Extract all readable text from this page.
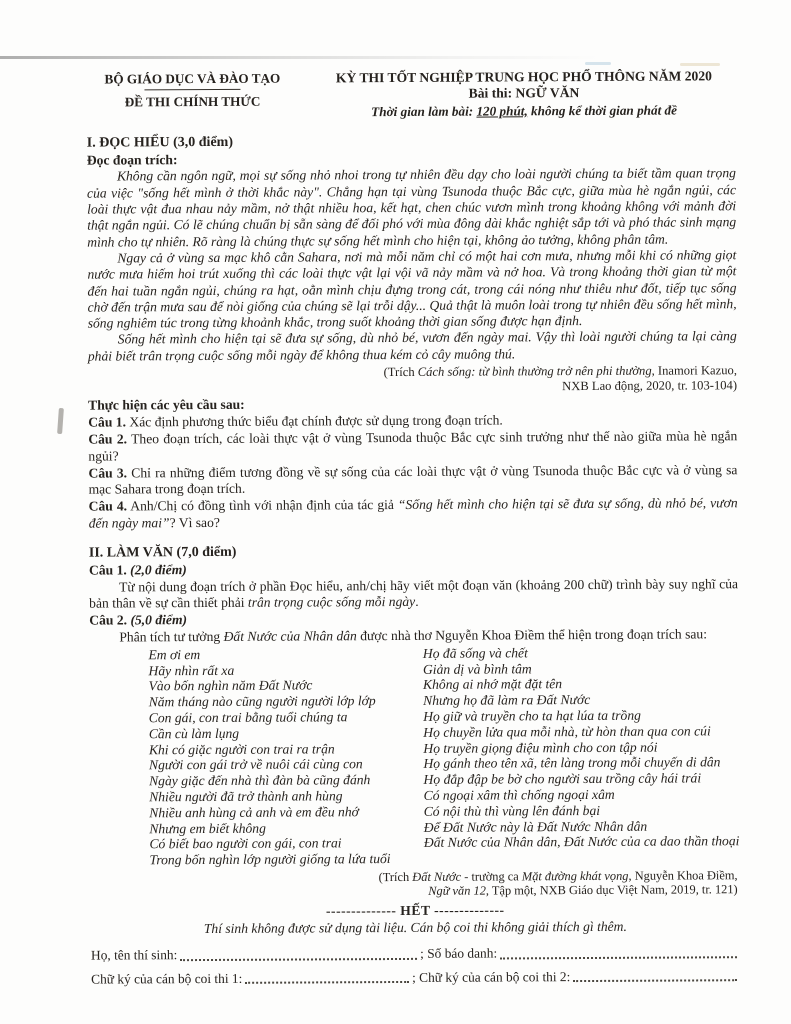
BỘ GIÁO DỤC VÀ ĐÀO TẠO
ĐỀ THI CHÍNH THỨC
KỲ THI TỐT NGHIỆP TRUNG HỌC PHỔ THÔNG NĂM 2020
Bài thi: NGỮ VĂN
Thời gian làm bài: 120 phút, không kể thời gian phát đề
I. ĐỌC HIỂU (3,0 điểm)
Đọc đoạn trích:

Không cần ngôn ngữ, mọi sự sống nhỏ nhoi trong tự nhiên đều dạy cho loài người chúng ta biết tầm quan trọng của việc "sống hết mình ở thời khắc này". Chẳng hạn tại vùng Tsunoda thuộc Bắc cực, giữa mùa hè ngắn ngủi, các loài thực vật đua nhau nảy mầm, nở thật nhiều hoa, kết hạt, chen chúc vươn mình trong khoảng không với mảnh đời thật ngắn ngủi. Có lẽ chúng chuẩn bị sẵn sàng để đối phó với mùa đông dài khắc nghiệt sắp tới và phó thác sinh mạng mình cho tự nhiên. Rõ ràng là chúng thực sự sống hết mình cho hiện tại, không ảo tưởng, không phân tâm.

Ngay cả ở vùng sa mạc khô cằn Sahara, nơi mà mỗi năm chỉ có một hai cơn mưa, nhưng mỗi khi có những giọt nước mưa hiếm hoi trút xuống thì các loài thực vật lại vội vã nảy mầm và nở hoa. Và trong khoảng thời gian từ một đến hai tuần ngắn ngủi, chúng ra hạt, oằn mình chịu đựng trong cát, trong cái nóng như thiêu như đốt, tiếp tục sống chờ đến trận mưa sau để nòi giống của chúng sẽ lại trỗi dậy... Quả thật là muôn loài trong tự nhiên đều sống hết mình, sống nghiêm túc trong từng khoảnh khắc, trong suốt khoảng thời gian sống được hạn định.

Sống hết mình cho hiện tại sẽ đưa sự sống, dù nhỏ bé, vươn đến ngày mai. Vậy thì loài người chúng ta lại càng phải biết trân trọng cuộc sống mỗi ngày để không thua kém cỏ cây muông thú.

(Trích Cách sống: từ bình thường trở nên phi thường, Inamori Kazuo,
NXB Lao động, 2020, tr. 103-104)
Thực hiện các yêu cầu sau:
Câu 1. Xác định phương thức biểu đạt chính được sử dụng trong đoạn trích.
Câu 2. Theo đoạn trích, các loài thực vật ở vùng Tsunoda thuộc Bắc cực sinh trưởng như thế nào giữa mùa hè ngắn ngủi?
Câu 3. Chỉ ra những điểm tương đồng về sự sống của các loài thực vật ở vùng Tsunoda thuộc Bắc cực và ở vùng sa mạc Sahara trong đoạn trích.
Câu 4. Anh/Chị có đồng tình với nhận định của tác giả “Sống hết mình cho hiện tại sẽ đưa sự sống, dù nhỏ bé, vươn đến ngày mai”? Vì sao?
II. LÀM VĂN (7,0 điểm)
Câu 1. (2,0 điểm)

Từ nội dung đoạn trích ở phần Đọc hiểu, anh/chị hãy viết một đoạn văn (khoảng 200 chữ) trình bày suy nghĩ của bản thân về sự cần thiết phải trân trọng cuộc sống mỗi ngày.

Câu 2. (5,0 điểm)

Phân tích tư tưởng Đất Nước của Nhân dân được nhà thơ Nguyễn Khoa Điềm thể hiện trong đoạn trích sau:

Em ơi em
Hãy nhìn rất xa
Vào bốn nghìn năm Đất Nước
Năm tháng nào cũng người người lớp lớp
Con gái, con trai bằng tuổi chúng ta
Cần cù làm lụng
Khi có giặc người con trai ra trận
Người con gái trở về nuôi cái cùng con
Ngày giặc đến nhà thì đàn bà cũng đánh
Nhiều người đã trở thành anh hùng
Nhiều anh hùng cả anh và em đều nhớ
Nhưng em biết không
Có biết bao người con gái, con trai
Trong bốn nghìn lớp người giống ta lứa tuổi
Họ đã sống và chết
Giản dị và bình tâm
Không ai nhớ mặt đặt tên
Nhưng họ đã làm ra Đất Nước
Họ giữ và truyền cho ta hạt lúa ta trồng
Họ chuyền lửa qua mỗi nhà, từ hòn than qua con cúi
Họ truyền giọng điệu mình cho con tập nói
Họ gánh theo tên xã, tên làng trong mỗi chuyến di dân
Họ đắp đập be bờ cho người sau trồng cây hái trái
Có ngoại xâm thì chống ngoại xâm
Có nội thù thì vùng lên đánh bại
Để Đất Nước này là Đất Nước Nhân dân
Đất Nước của Nhân dân, Đất Nước của ca dao thần thoại
(Trích Đất Nước - trường ca Mặt đường khát vọng, Nguyễn Khoa Điềm,
Ngữ văn 12, Tập một, NXB Giáo dục Việt Nam, 2019, tr. 121)
-------------- HẾT --------------
Thí sinh không được sử dụng tài liệu. Cán bộ coi thi không giải thích gì thêm.
Họ, tên thí sinh:	; Số báo danh:
Chữ ký của cán bộ coi thi 1:	; Chữ ký của cán bộ coi thi 2:
